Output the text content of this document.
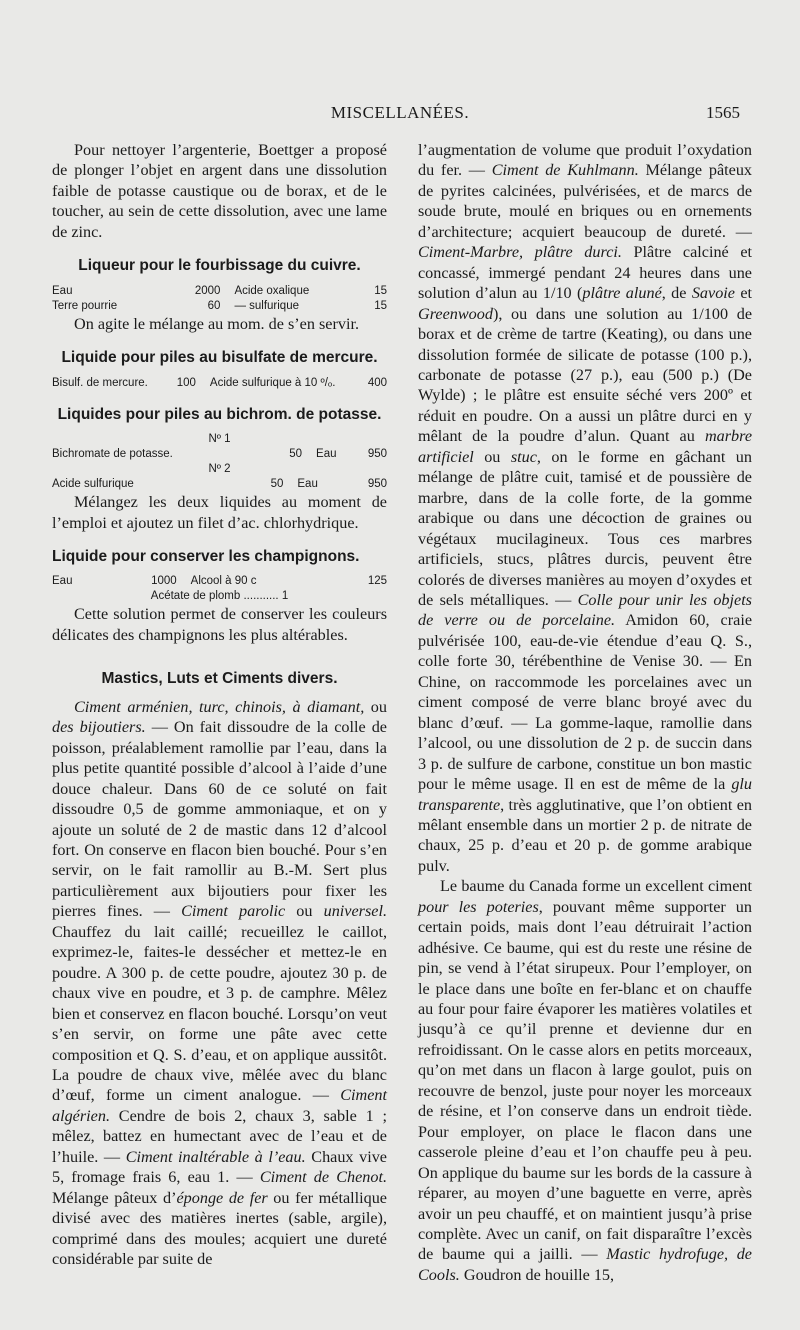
MISCELLANÉES.	1565

Pour nettoyer l’argenterie, Boettger a proposé de plonger l’objet en argent dans une dissolution faible de potasse caustique ou de borax, et de le toucher, au sein de cette dissolution, avec une lame de zinc.

Liqueur pour le fourbissage du cuivre.
Eau	2000	Acide oxalique	15
Terre pourrie	60	— sulfurique	15

On agite le mélange au mom. de s’en servir.

Liquide pour piles au bisulfate de mercure.
Bisulf. de mercure.	100	Acide sulfurique à 10 º/ₒ.	400
Liquides pour piles au bichrom. de potasse.
Nº 1
Bichromate de potasse.	50	Eau	950
Nº 2
Acide sulfurique	50	Eau	950

Mélangez les deux liquides au moment de l’emploi et ajoutez un filet d’ac. chlorhydrique.

Liquide pour conserver les champignons.
Eau	1000	Alcool à 90 c	125
Acétate de plomb ........... 1

Cette solution permet de conserver les couleurs délicates des champignons les plus altérables.

Mastics, Luts et Ciments divers.

Ciment arménien, turc, chinois, à diamant, ou des bijoutiers. — On fait dissoudre de la colle de poisson, préalablement ramollie par l’eau, dans la plus petite quantité possible d’alcool à l’aide d’une douce chaleur. Dans 60 de ce soluté on fait dissoudre 0,5 de gomme ammoniaque, et on y ajoute un soluté de 2 de mastic dans 12 d’alcool fort. On conserve en flacon bien bouché. Pour s’en servir, on le fait ramollir au B.-M. Sert plus particulièrement aux bijoutiers pour fixer les pierres fines. — Ciment parolic ou universel. Chauffez du lait caillé; recueillez le caillot, exprimez-le, faites-le dessécher et mettez-le en poudre. A 300 p. de cette poudre, ajoutez 30 p. de chaux vive en poudre, et 3 p. de camphre. Mêlez bien et conservez en flacon bouché. Lorsqu’on veut s’en servir, on forme une pâte avec cette composition et Q. S. d’eau, et on applique aussitôt. La poudre de chaux vive, mêlée avec du blanc d’œuf, forme un ciment analogue. — Ciment algérien. Cendre de bois 2, chaux 3, sable 1 ; mêlez, battez en humectant avec de l’eau et de l’huile. — Ciment inaltérable à l’eau. Chaux vive 5, fromage frais 6, eau 1. — Ciment de Chenot. Mélange pâteux d’éponge de fer ou fer métallique divisé avec des matières inertes (sable, argile), comprimé dans des moules; acquiert une dureté considérable par suite de

l’augmentation de volume que produit l’oxydation du fer. — Ciment de Kuhlmann. Mélange pâteux de pyrites calcinées, pulvérisées, et de marcs de soude brute, moulé en briques ou en ornements d’architecture; acquiert beaucoup de dureté. — Ciment-Marbre, plâtre durci. Plâtre calciné et concassé, immergé pendant 24 heures dans une solution d’alun au 1/10 (plâtre aluné, de Savoie et Greenwood), ou dans une solution au 1/100 de borax et de crème de tartre (Keating), ou dans une dissolution formée de silicate de potasse (100 p.), carbonate de potasse (27 p.), eau (500 p.) (De Wylde) ; le plâtre est ensuite séché vers 200º et réduit en poudre. On a aussi un plâtre durci en y mêlant de la poudre d’alun. Quant au marbre artificiel ou stuc, on le forme en gâchant un mélange de plâtre cuit, tamisé et de poussière de marbre, dans de la colle forte, de la gomme arabique ou dans une décoction de graines ou végétaux mucilagineux. Tous ces marbres artificiels, stucs, plâtres durcis, peuvent être colorés de diverses manières au moyen d’oxydes et de sels métalliques. — Colle pour unir les objets de verre ou de porcelaine. Amidon 60, craie pulvérisée 100, eau-de-vie étendue d’eau Q. S., colle forte 30, térébenthine de Venise 30. — En Chine, on raccommode les porcelaines avec un ciment composé de verre blanc broyé avec du blanc d’œuf. — La gomme-laque, ramollie dans l’alcool, ou une dissolution de 2 p. de succin dans 3 p. de sulfure de carbone, constitue un bon mastic pour le même usage. Il en est de même de la glu transparente, très agglutinative, que l’on obtient en mêlant ensemble dans un mortier 2 p. de nitrate de chaux, 25 p. d’eau et 20 p. de gomme arabique pulv.

Le baume du Canada forme un excellent ciment pour les poteries, pouvant même supporter un certain poids, mais dont l’eau détruirait l’action adhésive. Ce baume, qui est du reste une résine de pin, se vend à l’état sirupeux. Pour l’employer, on le place dans une boîte en fer-blanc et on chauffe au four pour faire évaporer les matières volatiles et jusqu’à ce qu’il prenne et devienne dur en refroidissant. On le casse alors en petits morceaux, qu’on met dans un flacon à large goulot, puis on recouvre de benzol, juste pour noyer les morceaux de résine, et l’on conserve dans un endroit tiède. Pour employer, on place le flacon dans une casserole pleine d’eau et l’on chauffe peu à peu. On applique du baume sur les bords de la cassure à réparer, au moyen d’une baguette en verre, après avoir un peu chauffé, et on maintient jusqu’à prise complète. Avec un canif, on fait disparaître l’excès de baume qui a jailli. — Mastic hydrofuge, de Cools. Goudron de houille 15,
